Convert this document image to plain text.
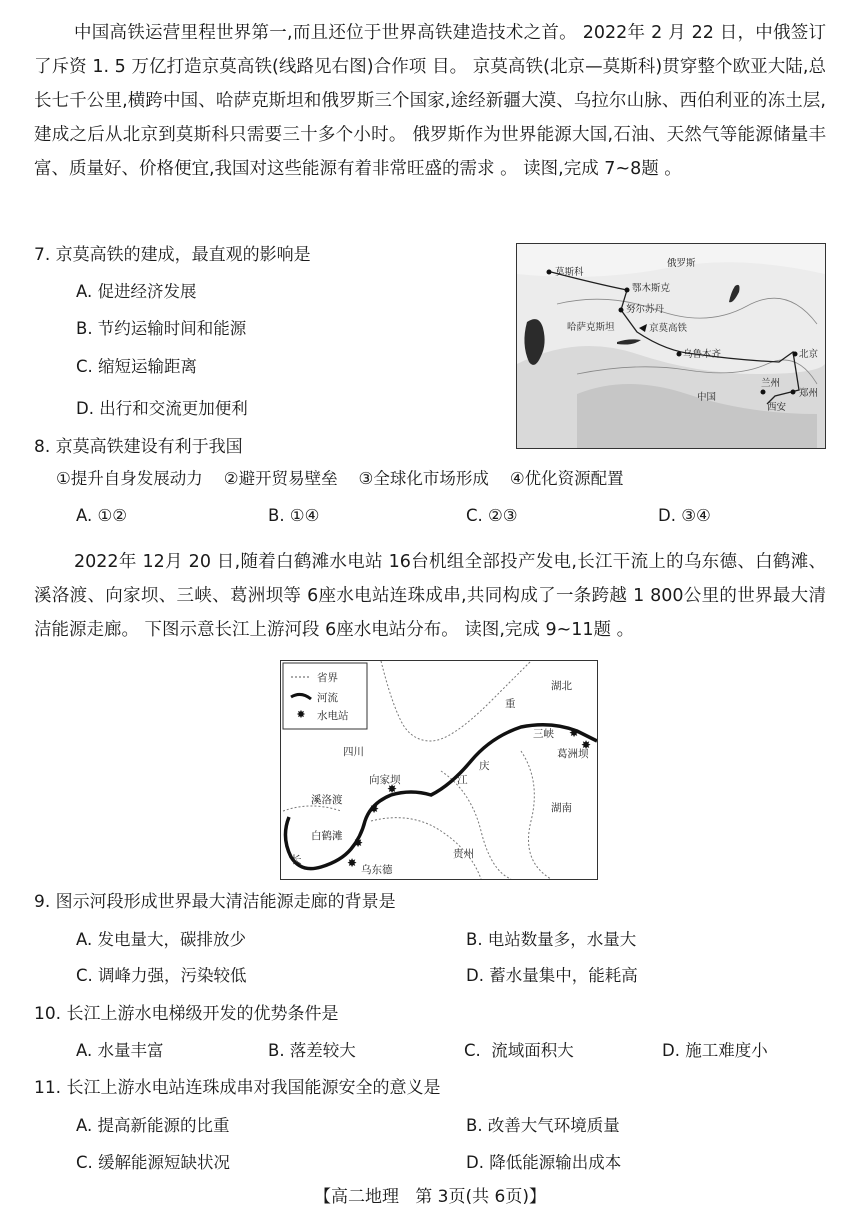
中国高铁运营里程世界第一,而且还位于世界高铁建造技术之首。 2022年 2 月 22 日，中俄签订了斥资 1. 5 万亿打造京莫高铁(线路见右图)合作项 目。 京莫高铁(北京—莫斯科)贯穿整个欧亚大陆,总长七千公里,横跨中国、哈萨克斯坦和俄罗斯三个国家,途经新疆大漠、乌拉尔山脉、西伯利亚的冻土层,建成之后从北京到莫斯科只需要三十多个小时。 俄罗斯作为世界能源大国,石油、天然气等能源储量丰富、质量好、价格便宜,我国对这些能源有着非常旺盛的需求 。 读图,完成 7~8题 。

7. 京莫高铁的建成，最直观的影响是
A. 促进经济发展
B. 节约运输时间和能源
C. 缩短运输距离
D. 出行和交流更加便利
莫斯科
俄罗斯
鄂木斯克
努尔苏丹
哈萨克斯坦	京莫高铁
乌鲁木齐	北京
中国
兰州
郑州
西安
8. 京莫高铁建设有利于我国
①提升自身发展动力    ②避开贸易壁垒    ③全球化市场形成    ④优化资源配置
A. ①②	B. ①④	C. ②③	D. ③④

2022年 12月 20 日,随着白鹤滩水电站 16台机组全部投产发电,长江干流上的乌东德、白鹤滩、溪洛渡、向家坝、三峡、葛洲坝等 6座水电站连珠成串,共同构成了一条跨越 1 800公里的世界最大清洁能源走廊。 下图示意长江上游河段 6座水电站分布。 读图,完成 9~11题 。

✸
省界
河流
水电站
✸
✸
✸
✸
✸
✸
湖北
重
三峡
葛洲坝
四川
江
庆
向家坝
溪洛渡
湖南
白鹤滩
贵州
长
乌东德
9. 图示河段形成世界最大清洁能源走廊的背景是
A. 发电量大，碳排放少	B. 电站数量多，水量大
C. 调峰力强，污染较低	D. 蓄水量集中，能耗高
10. 长江上游水电梯级开发的优势条件是
A. 水量丰富	B. 落差较大	C.  流域面积大	D. 施工难度小
11. 长江上游水电站连珠成串对我国能源安全的意义是
A. 提高新能源的比重	B. 改善大气环境质量
C. 缓解能源短缺状况	D. 降低能源输出成本
【高二地理   第 3页(共 6页)】
